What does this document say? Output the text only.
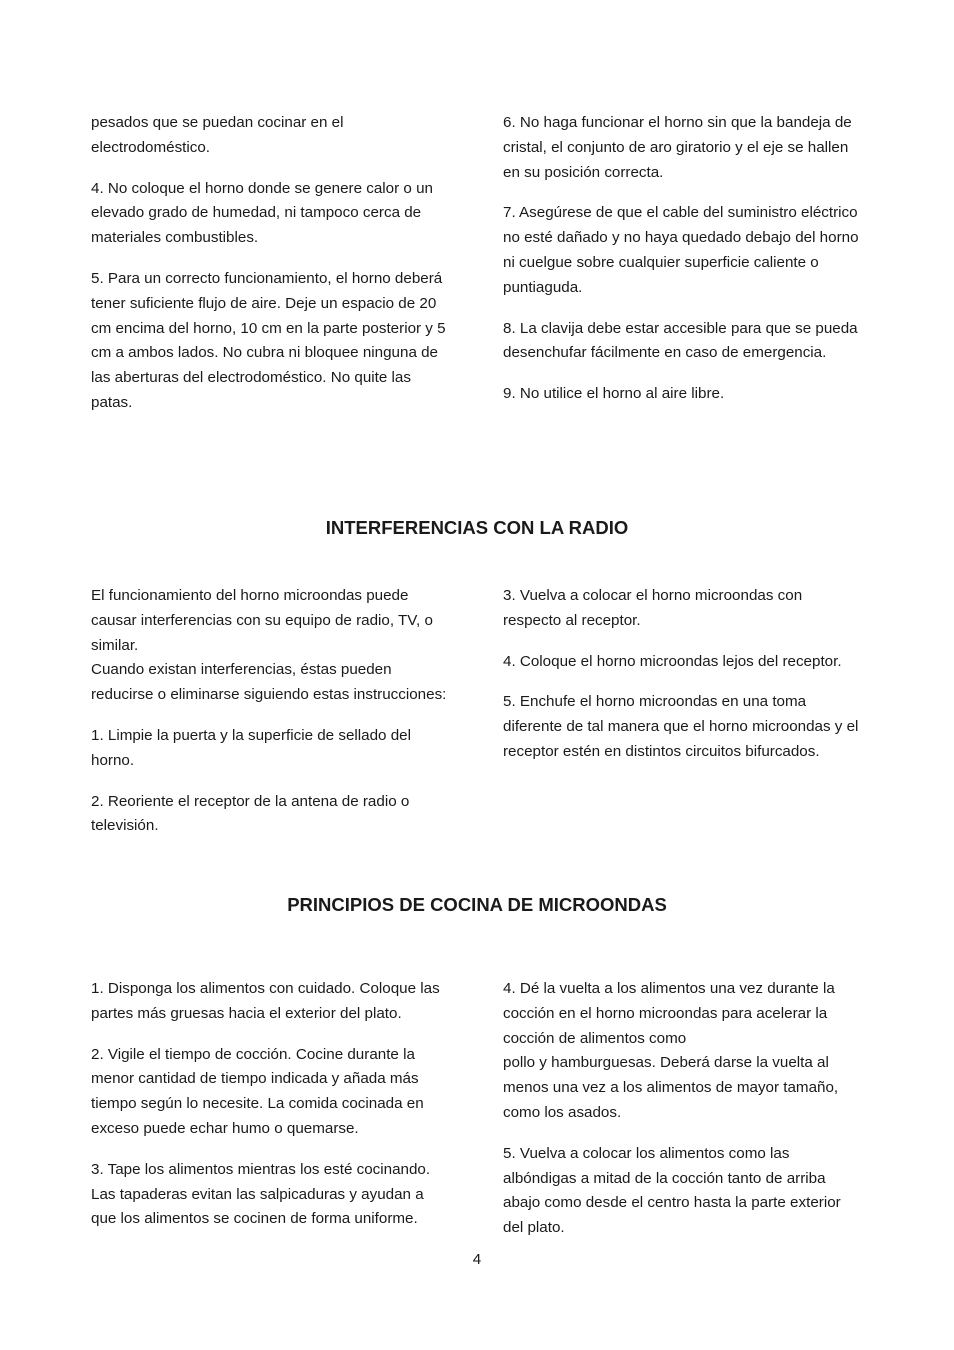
pesados que se puedan cocinar en el electrodoméstico.

4. No coloque el horno donde se genere calor o un elevado grado de humedad, ni tampoco cerca de materiales combustibles.

5. Para un correcto funcionamiento, el horno deberá tener suficiente flujo de aire. Deje un espacio de 20 cm encima del horno, 10 cm en la parte posterior y 5 cm a ambos lados. No cubra ni bloquee ninguna de las aberturas del electrodoméstico. No quite las patas.

6. No haga funcionar el horno sin que la bandeja de cristal, el conjunto de aro giratorio y el eje se hallen en su posición correcta.

7. Asegúrese de que el cable del suministro eléctrico no esté dañado y no haya quedado debajo del horno ni cuelgue sobre cualquier superficie caliente o puntiaguda.

8. La clavija debe estar accesible para que se pueda desenchufar fácilmente en caso de emergencia.

9. No utilice el horno al aire libre.

INTERFERENCIAS CON LA RADIO

El funcionamiento del horno microondas puede causar interferencias con su equipo de radio, TV, o similar.
Cuando existan interferencias, éstas pueden reducirse o eliminarse siguiendo estas instrucciones:

1. Limpie la puerta y la superficie de sellado del horno.

2. Reoriente el receptor de la antena de radio o televisión.

3. Vuelva a colocar el horno microondas con respecto al receptor.

4. Coloque el horno microondas lejos del receptor.

5. Enchufe el horno microondas en una toma diferente de tal manera que el horno microondas y el receptor estén en distintos circuitos bifurcados.

PRINCIPIOS DE COCINA DE MICROONDAS

1. Disponga los alimentos con cuidado. Coloque las partes más gruesas hacia el exterior del plato.

2. Vigile el tiempo de cocción. Cocine durante la menor cantidad de tiempo indicada y añada más tiempo según lo necesite. La comida cocinada en exceso puede echar humo o quemarse.

3. Tape los alimentos mientras los esté cocinando. Las tapaderas evitan las salpicaduras y ayudan a que los alimentos se cocinen de forma uniforme.

4. Dé la vuelta a los alimentos una vez durante la cocción en el horno microondas para acelerar la cocción de alimentos como
pollo y hamburguesas. Deberá darse la vuelta al menos una vez a los alimentos de mayor tamaño, como los asados.

5. Vuelva a colocar los alimentos como las albóndigas a mitad de la cocción tanto de arriba abajo como desde el centro hasta la parte exterior del plato.

4
